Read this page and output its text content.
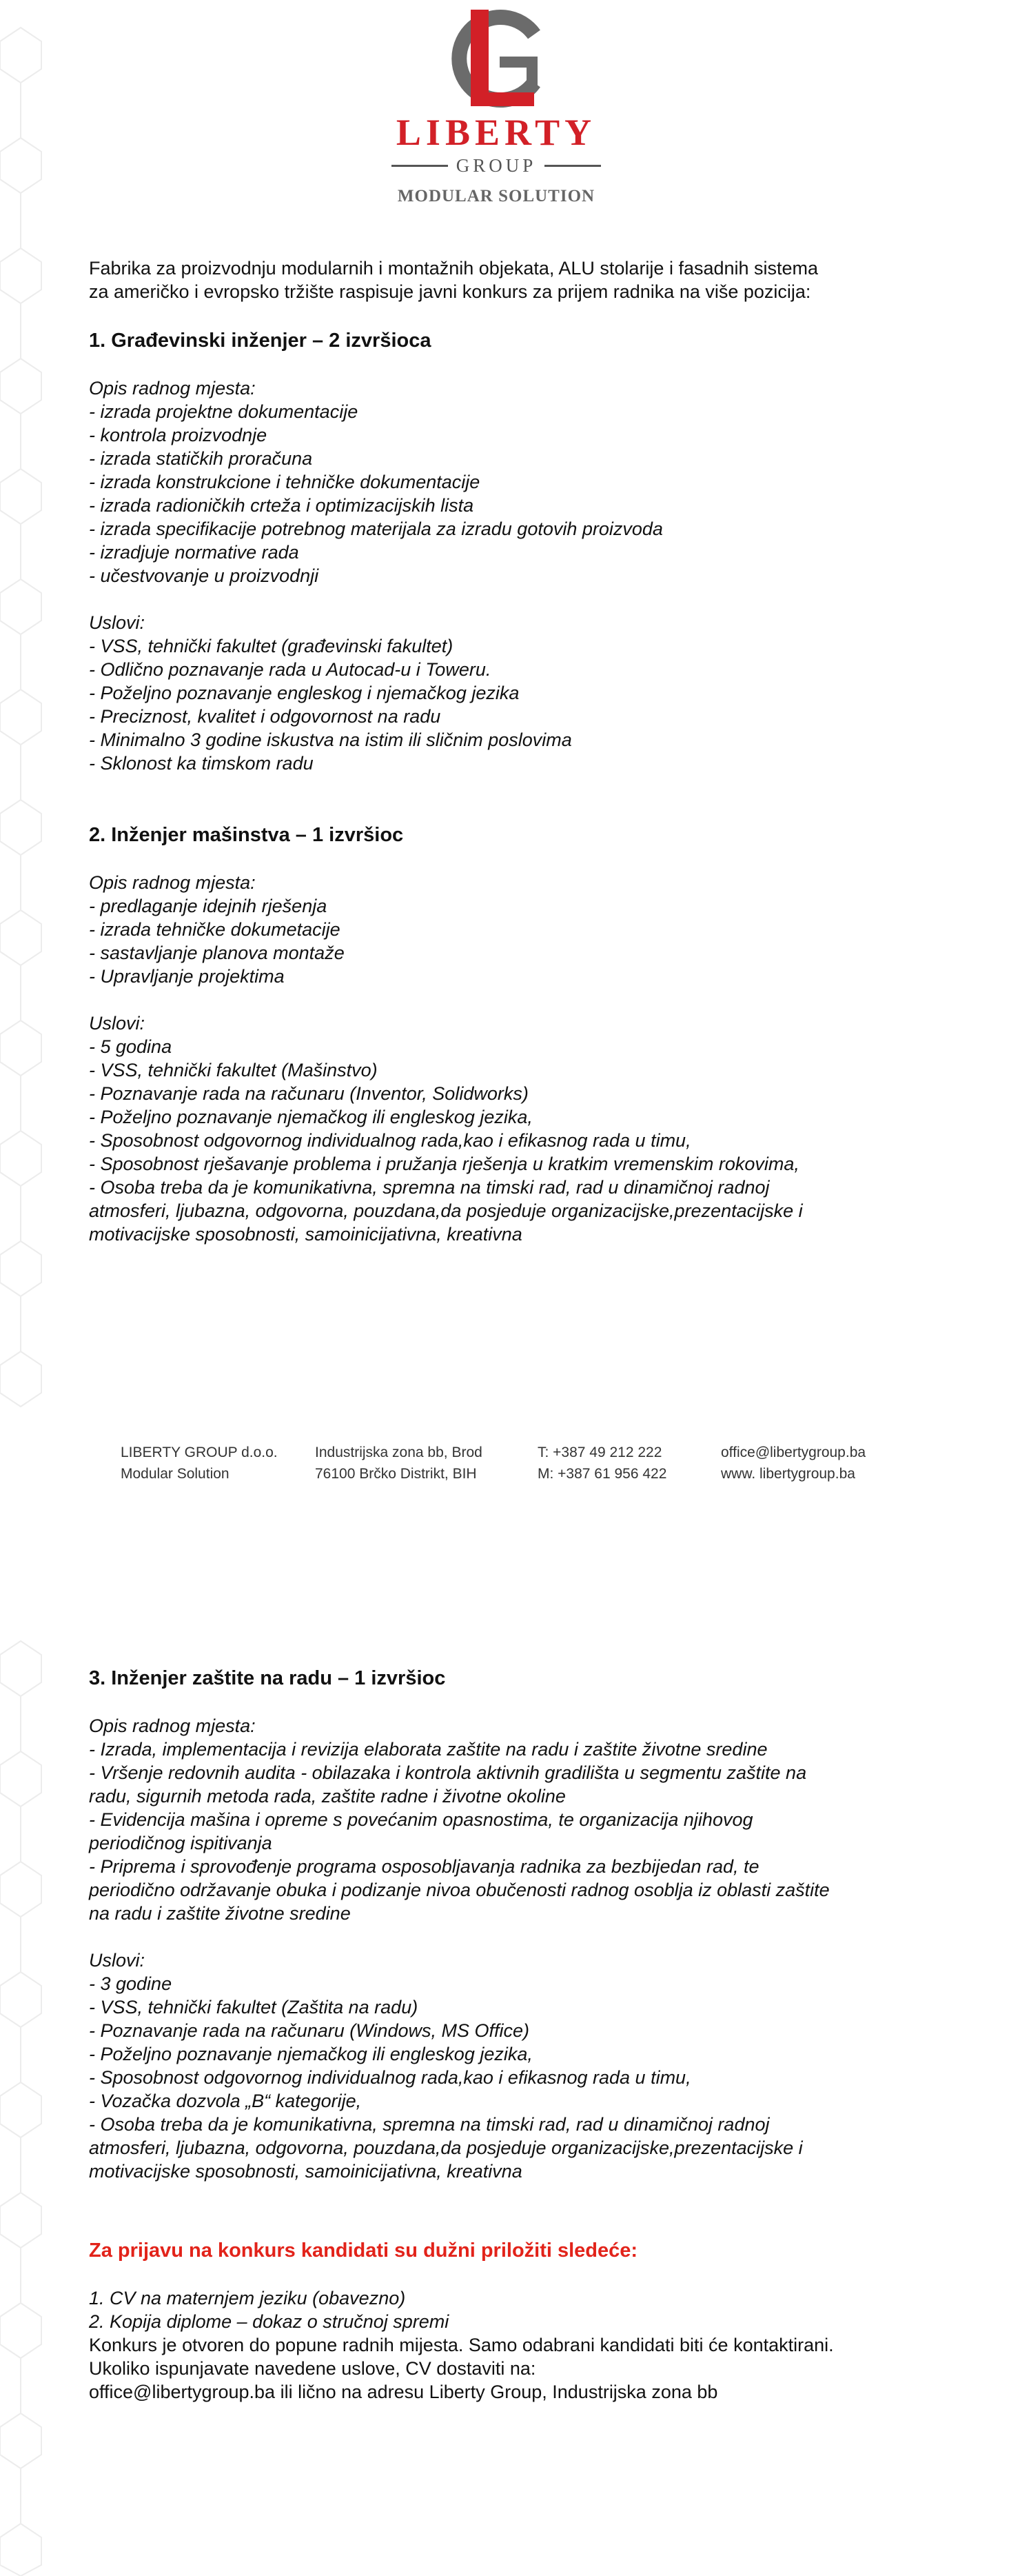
LIBERTY
GROUP
MODULAR SOLUTION

Fabrika za proizvodnju modularnih i montažnih objekata, ALU stolarije i fasadnih sistema

za američko i evropsko tržište raspisuje javni konkurs za prijem radnika na više pozicija:

1. Građevinski inženjer – 2 izvršioca

Opis radnog mjesta:

- izrada projektne dokumentacije
- kontrola proizvodnje
- izrada statičkih proračuna
- izrada konstrukcione i tehničke dokumentacije
- izrada radioničkih crteža i optimizacijskih lista
- izrada specifikacije potrebnog materijala za izradu gotovih proizvoda
- izradjuje normative rada
- učestvovanje u proizvodnji

Uslovi:

- VSS, tehnički fakultet (građevinski fakultet)
- Odlično poznavanje rada u Autocad-u i Toweru.
- Poželjno poznavanje engleskog i njemačkog jezika
- Preciznost, kvalitet i odgovornost na radu
- Minimalno 3 godine iskustva na istim ili sličnim poslovima
- Sklonost ka timskom radu

2. Inženjer mašinstva – 1 izvršioc

Opis radnog mjesta:

- predlaganje idejnih rješenja
- izrada tehničke dokumetacije
- sastavljanje planova montaže
- Upravljanje projektima

Uslovi:

- 5 godina
- VSS, tehnički fakultet (Mašinstvo)
- Poznavanje rada na računaru (Inventor, Solidworks)
- Poželjno poznavanje njemačkog ili engleskog jezika,
- Sposobnost odgovornog individualnog rada,kao i efikasnog rada u timu,
- Sposobnost rješavanje problema i pružanja rješenja u kratkim vremenskim rokovima,
- Osoba treba da je komunikativna, spremna na timski rad, rad u dinamičnoj radnoj
atmosferi, ljubazna, odgovorna, pouzdana,da posjeduje organizacijske,prezentacijske i
motivacijske sposobnosti, samoinicijativna, kreativna
LIBERTY GROUP d.o.o.
Modular Solution
Industrijska zona bb, Brod
76100 Brčko Distrikt, BIH
T: +387 49 212 222
M: +387 61 956 422
office@libertygroup.ba
www. libertygroup.ba

3. Inženjer zaštite na radu – 1 izvršioc

Opis radnog mjesta:

- Izrada, implementacija i revizija elaborata zaštite na radu i zaštite životne sredine
- Vršenje redovnih audita - obilazaka i kontrola aktivnih gradilišta u segmentu zaštite na
radu, sigurnih metoda rada, zaštite radne i životne okoline
- Evidencija mašina i opreme s povećanim opasnostima, te organizacija njihovog
periodičnog ispitivanja
- Priprema i sprovođenje programa osposobljavanja radnika za bezbijedan rad, te
periodično održavanje obuka i podizanje nivoa obučenosti radnog osoblja iz oblasti zaštite
na radu i zaštite životne sredine

Uslovi:

- 3 godine
- VSS, tehnički fakultet (Zaštita na radu)
- Poznavanje rada na računaru (Windows, MS Office)
- Poželjno poznavanje njemačkog ili engleskog jezika,
- Sposobnost odgovornog individualnog rada,kao i efikasnog rada u timu,
- Vozačka dozvola „B“ kategorije,
- Osoba treba da je komunikativna, spremna na timski rad, rad u dinamičnoj radnoj
atmosferi, ljubazna, odgovorna, pouzdana,da posjeduje organizacijske,prezentacijske i
motivacijske sposobnosti, samoinicijativna, kreativna

Za prijavu na konkurs kandidati su dužni priložiti sledeće:

1. CV na maternjem jeziku (obavezno)
2. Kopija diplome – dokaz o stručnoj spremi

Konkurs je otvoren do popune radnih mijesta. Samo odabrani kandidati biti će kontaktirani.

Ukoliko ispunjavate navedene uslove, CV dostaviti na:

office@libertygroup.ba ili lično na adresu Liberty Group, Industrijska zona bb
